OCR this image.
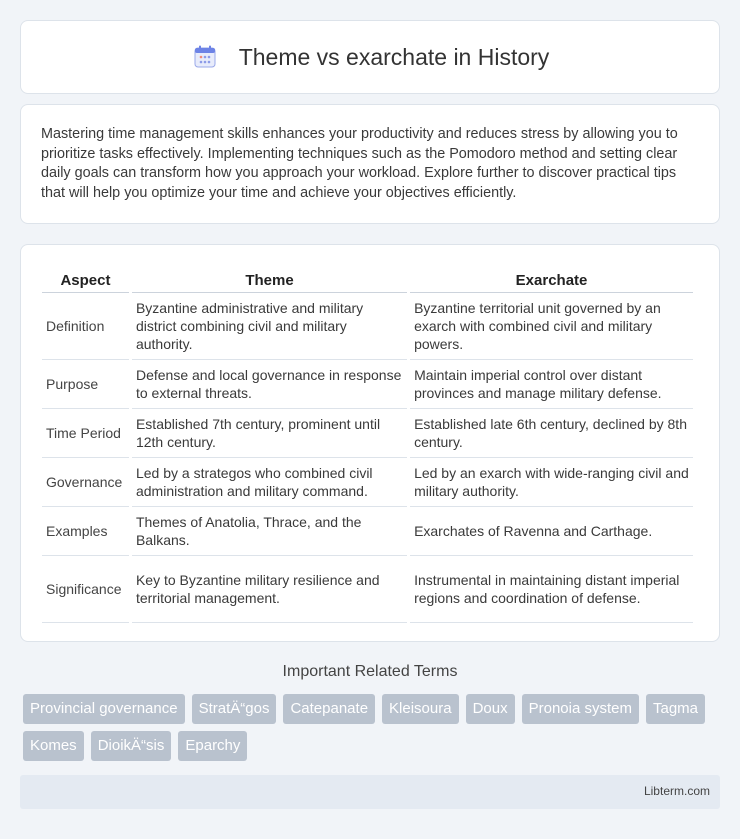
Theme vs exarchate in History

Mastering time management skills enhances your productivity and reduces stress by allowing you to prioritize tasks effectively. Implementing techniques such as the Pomodoro method and setting clear daily goals can transform how you approach your workload. Explore further to discover practical tips that will help you optimize your time and achieve your objectives efficiently.

Aspect	Theme	Exarchate
Definition	Byzantine administrative and military district combining civil and military authority.	Byzantine territorial unit governed by an exarch with combined civil and military powers.
Purpose	Defense and local governance in response to external threats.	Maintain imperial control over distant provinces and manage military defense.
Time Period	Established 7th century, prominent until 12th century.	Established late 6th century, declined by 8th century.
Governance	Led by a strategos who combined civil administration and military command.	Led by an exarch with wide-ranging civil and military authority.
Examples	Themes of Anatolia, Thrace, and the Balkans.	Exarchates of Ravenna and Carthage.
Significance	Key to Byzantine military resilience and territorial management.	Instrumental in maintaining distant imperial regions and coordination of defense.
Important Related Terms
Provincial governance	StratÄ“gos	Catepanate	Kleisoura	Doux	Pronoia system	Tagma
Komes	DioikÄ“sis	Eparchy
Libterm.com
